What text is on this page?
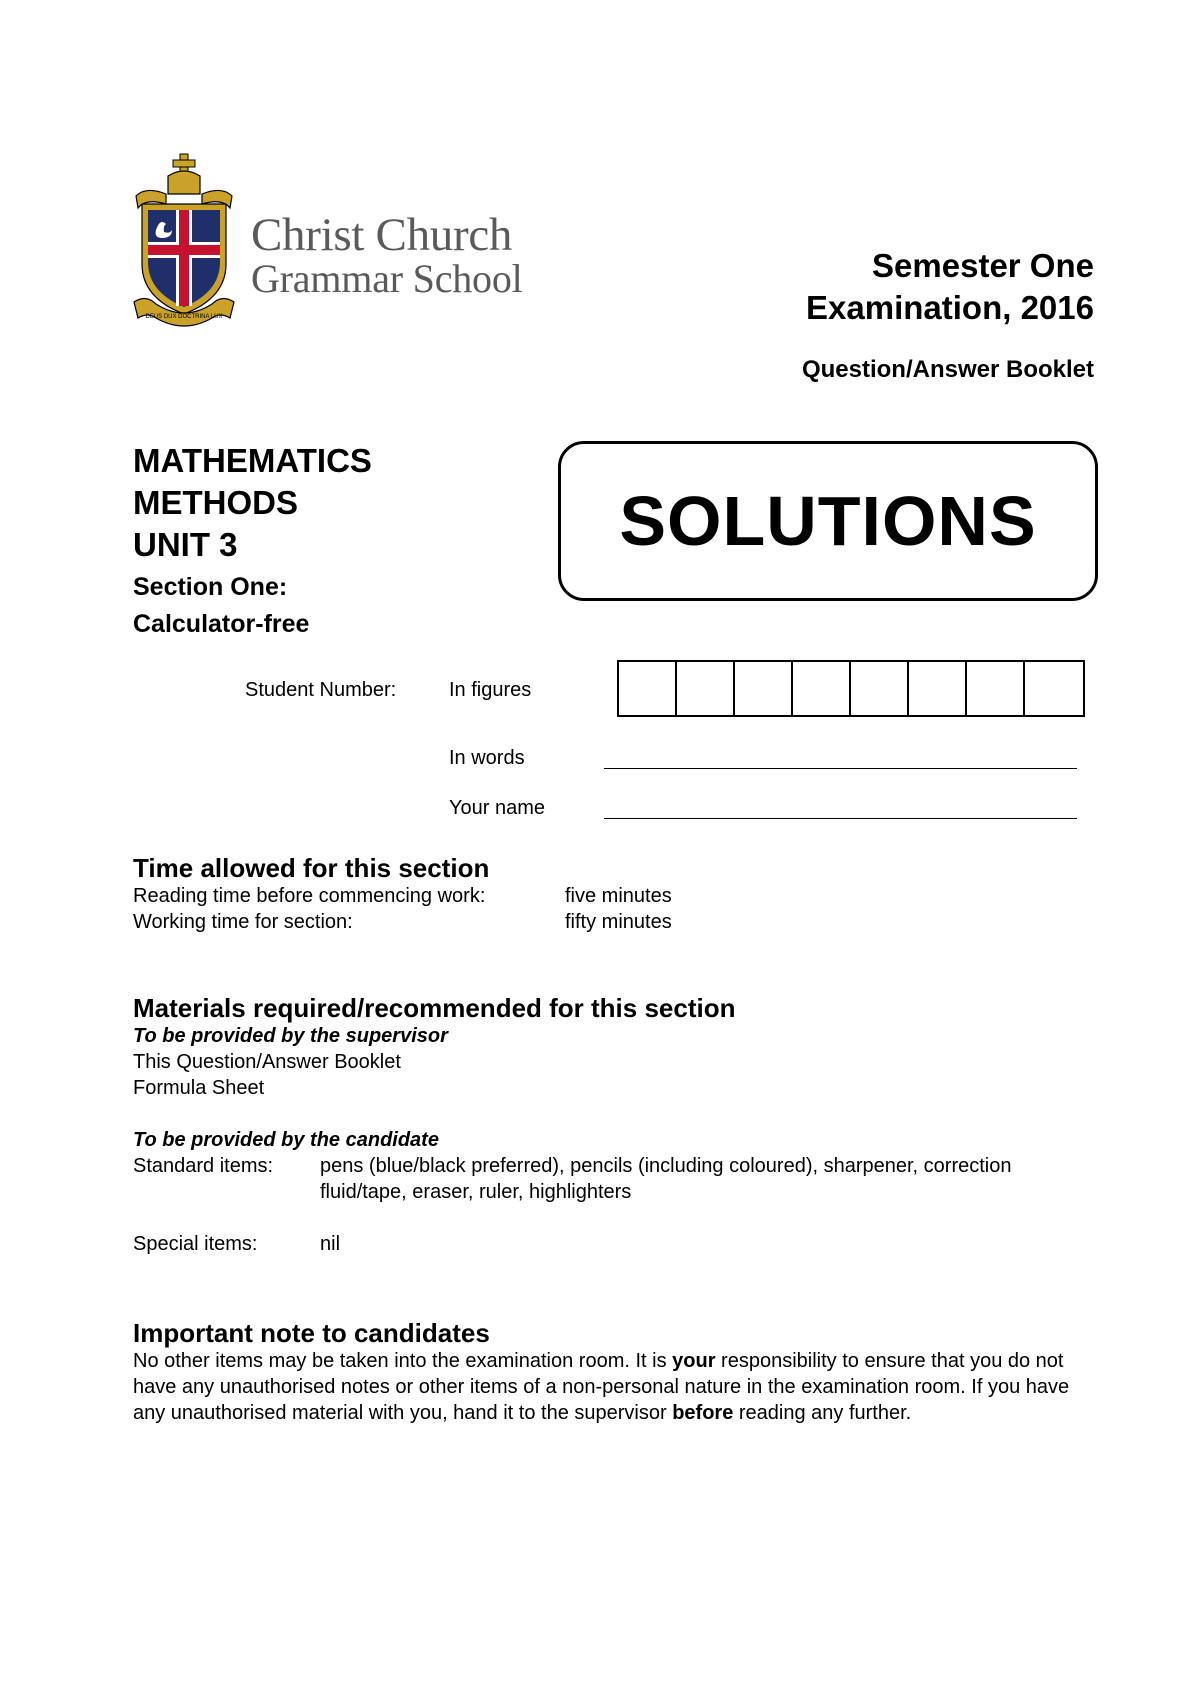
DEUS DUX DOCTRINA LUX
Christ Church
Grammar School	Semester One
Examination, 2016
Question/Answer Booklet
MATHEMATICS
METHODS
UNIT 3
Section One:
Calculator-free
SOLUTIONS
Student Number:	In figures
In words
Your name
Time allowed for this section
Reading time before commencing work:	five minutes
Working time for section:	fifty minutes
Materials required/recommended for this section
To be provided by the supervisor
This Question/Answer Booklet
Formula Sheet
To be provided by the candidate
Standard items: pens (blue/black preferred), pencils (including coloured), sharpener, correction
fluid/tape, eraser, ruler, highlighters
Special items:	nil
Important note to candidates
No other items may be taken into the examination room. It is your responsibility to ensure that you do not have any unauthorised notes or other items of a non-personal nature in the examination room. If you have any unauthorised material with you, hand it to the supervisor before reading any further.
